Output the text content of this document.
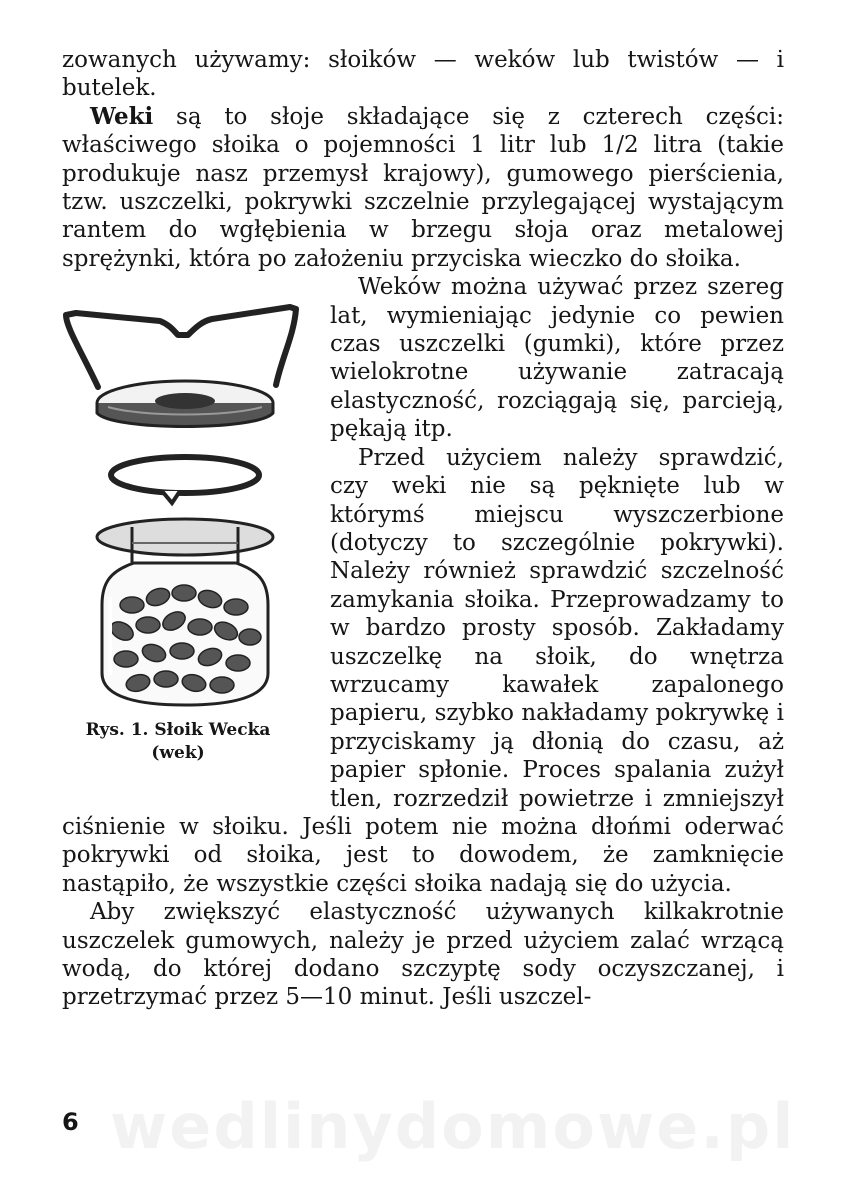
zowanych używamy: słoików — weków lub twistów — i butelek.

Weki są to słoje składające się z czterech części: właściwego słoika o pojemności 1 litr lub 1/2 litra (takie produkuje nasz przemysł krajowy), gumowego pierścienia, tzw. uszczelki, pokrywki szczelnie przylegającej wystającym rantem do wgłębienia w brzegu słoja oraz metalowej sprężynki, która po założeniu przyciska wieczko do słoika.

Rys. 1. Słoik Wecka (wek)

Weków można używać przez szereg lat, wymieniając jedynie co pewien czas uszczelki (gumki), które przez wielokrotne używanie zatracają elastyczność, rozciągają się, parcieją, pękają itp.

Przed użyciem należy sprawdzić, czy weki nie są pęknięte lub w którymś miejscu wyszczerbione (dotyczy to szczególnie pokrywki). Należy również sprawdzić szczelność zamykania słoika. Przeprowadzamy to w bardzo prosty sposób. Zakładamy uszczelkę na słoik, do wnętrza wrzucamy kawałek zapalonego papieru, szybko nakładamy pokrywkę i przyciskamy ją dłonią do czasu, aż papier spłonie. Proces spalania zużył tlen, rozrzedził powietrze i zmniejszył ciśnienie w słoiku. Jeśli potem nie można dłońmi oderwać pokrywki od słoika, jest to dowodem, że zamknięcie nastąpiło, że wszystkie części słoika nadają się do użycia.

Aby zwiększyć elastyczność używanych kilkakrotnie uszczelek gumowych, należy je przed użyciem zalać wrzącą wodą, do której dodano szczyptę sody oczyszczanej, i przetrzymać przez 5—10 minut. Jeśli uszczel-

wedlinydomowe.pl
6
